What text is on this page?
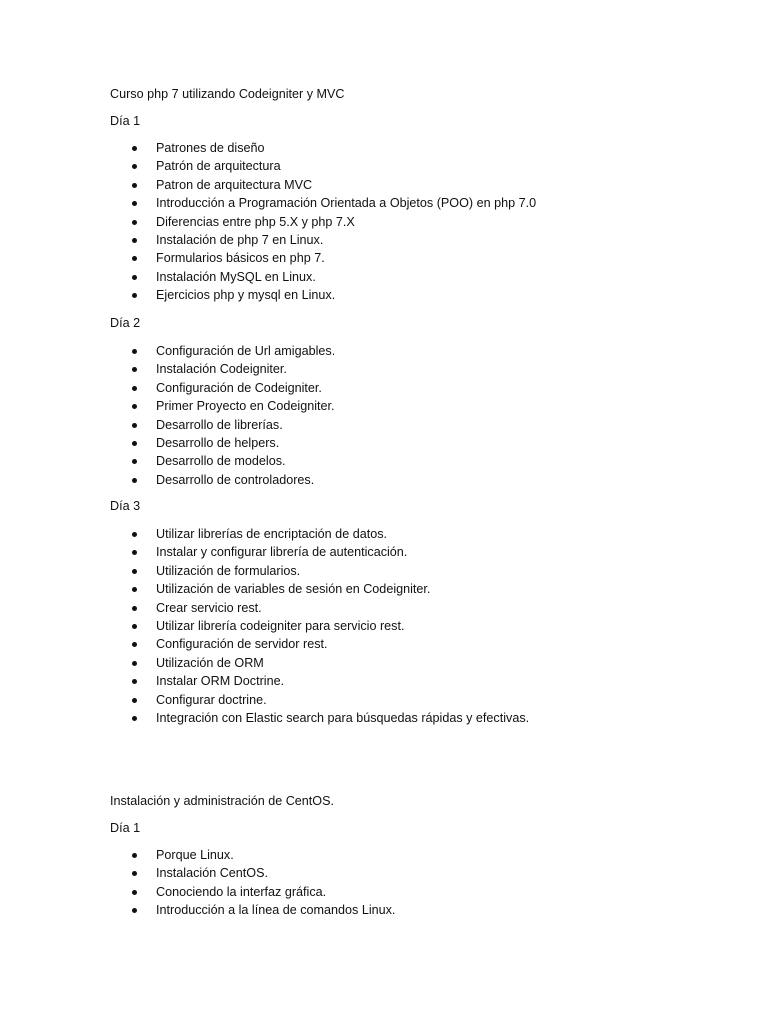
Curso php 7 utilizando Codeigniter y MVC
Día 1
Patrones de diseño
Patrón de arquitectura
Patron de arquitectura MVC
Introducción a Programación Orientada a Objetos (POO) en php 7.0
Diferencias entre php 5.X y php 7.X
Instalación de php 7 en Linux.
Formularios básicos en php 7.
Instalación MySQL en Linux.
Ejercicios php y mysql en Linux.
Día 2
Configuración de Url amigables.
Instalación Codeigniter.
Configuración de Codeigniter.
Primer Proyecto en Codeigniter.
Desarrollo de librerías.
Desarrollo de helpers.
Desarrollo de modelos.
Desarrollo de controladores.
Día 3
Utilizar librerías de encriptación de datos.
Instalar y configurar librería de autenticación.
Utilización de formularios.
Utilización de variables de sesión en Codeigniter.
Crear servicio rest.
Utilizar librería codeigniter para servicio rest.
Configuración de servidor rest.
Utilización de ORM
Instalar ORM Doctrine.
Configurar doctrine.
Integración con Elastic search para búsquedas rápidas y efectivas.
Instalación y administración de CentOS.
Día 1
Porque Linux.
Instalación CentOS.
Conociendo la interfaz gráfica.
Introducción a la línea de comandos Linux.
